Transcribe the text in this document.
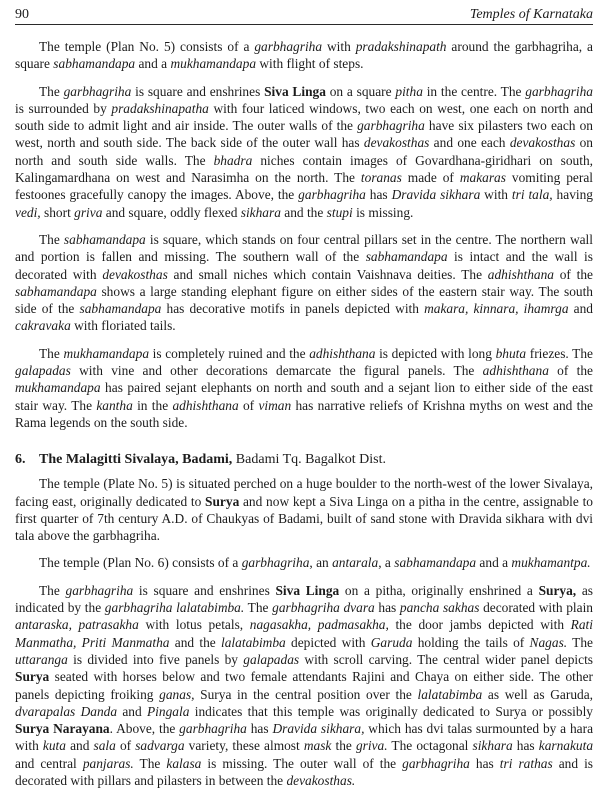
90	Temples of Karnataka

The temple (Plan No. 5) consists of a garbhagriha with pradakshinapath around the garbhagriha, a square sabhamandapa and a mukhamandapa with flight of steps.

The garbhagriha is square and enshrines Siva Linga on a square pitha in the centre. The garbhagriha is surrounded by pradakshinapatha with four laticed windows, two each on west, one each on north and south side to admit light and air inside. The outer walls of the garbhagriha have six pilasters two each on west, north and south side. The back side of the outer wall has devakosthas and one each devakosthas on north and south side walls. The bhadra niches contain images of Govardhana-giridhari on south, Kalingamardhana on west and Narasimha on the north. The toranas made of makaras vomiting peral festoones gracefully canopy the images. Above, the garbhagriha has Dravida sikhara with tri tala, having vedi, short griva and square, oddly flexed sikhara and the stupi is missing.

The sabhamandapa is square, which stands on four central pillars set in the centre. The northern wall and portion is fallen and missing. The southern wall of the sabhamandapa is intact and the wall is decorated with devakosthas and small niches which contain Vaishnava deities. The adhishthana of the sabhamandapa shows a large standing elephant figure on either sides of the eastern stair way. The south side of the sabhamandapa has decorative motifs in panels depicted with makara, kinnara, ihamrga and cakravaka with floriated tails.

The mukhamandapa is completely ruined and the adhishthana is depicted with long bhuta friezes. The galapadas with vine and other decorations demarcate the figural panels. The adhishthana of the mukhamandapa has paired sejant elephants on north and south and a sejant lion to either side of the east stair way. The kantha in the adhishthana of viman has narrative reliefs of Krishna myths on west and the Rama legends on the south side.

6. The Malagitti Sivalaya, Badami, Badami Tq. Bagalkot Dist.

The temple (Plate No. 5) is situated perched on a huge boulder to the north-west of the lower Sivalaya, facing east, originally dedicated to Surya and now kept a Siva Linga on a pitha in the centre, assignable to first quarter of 7th century A.D. of Chaukyas of Badami, built of sand stone with Dravida sikhara with dvi tala above the garbhagriha.

The temple (Plan No. 6) consists of a garbhagriha, an antarala, a sabhamandapa and a mukhamantpa.

The garbhagriha is square and enshrines Siva Linga on a pitha, originally enshrined a Surya, as indicated by the garbhagriha lalatabimba. The garbhagriha dvara has pancha sakhas decorated with plain antaraska, patrasakha with lotus petals, nagasakha, padmasakha, the door jambs depicted with Rati Manmatha, Priti Manmatha and the lalatabimba depicted with Garuda holding the tails of Nagas. The uttaranga is divided into five panels by galapadas with scroll carving. The central wider panel depicts Surya seated with horses below and two female attendants Rajini and Chaya on either side. The other panels depicting froiking ganas, Surya in the central position over the lalatabimba as well as Garuda, dvarapalas Danda and Pingala indicates that this temple was originally dedicated to Surya or possibly Surya Narayana. Above, the garbhagriha has Dravida sikhara, which has dvi talas surmounted by a hara with kuta and sala of sadvarga variety, these almost mask the griva. The octagonal sikhara has karnakuta and central panjaras. The kalasa is missing. The outer wall of the garbhagriha has tri rathas and is decorated with pillars and pilasters in between the devakosthas.
